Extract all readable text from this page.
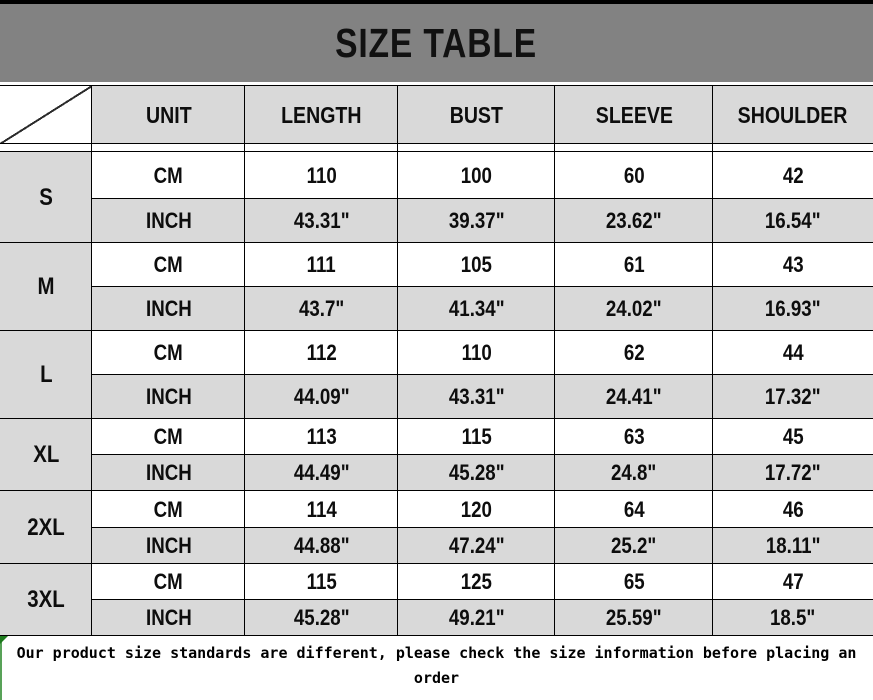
SIZE TABLE
UNIT	LENGTH	BUST	SLEEVE	SHOULDER
S
CM	110	100	60	42
INCH	43.31"	39.37"	23.62"	16.54"
M
CM	111	105	61	43
INCH	43.7"	41.34"	24.02"	16.93"
L
CM	112	110	62	44
INCH	44.09"	43.31"	24.41"	17.32"
XL
CM	113	115	63	45
INCH	44.49"	45.28"	24.8"	17.72"
2XL
CM	114	120	64	46
INCH	44.88"	47.24"	25.2"	18.11"
3XL
CM	115	125	65	47
INCH	45.28"	49.21"	25.59"	18.5"
Our product size standards are different, please check the size information before placing an order
